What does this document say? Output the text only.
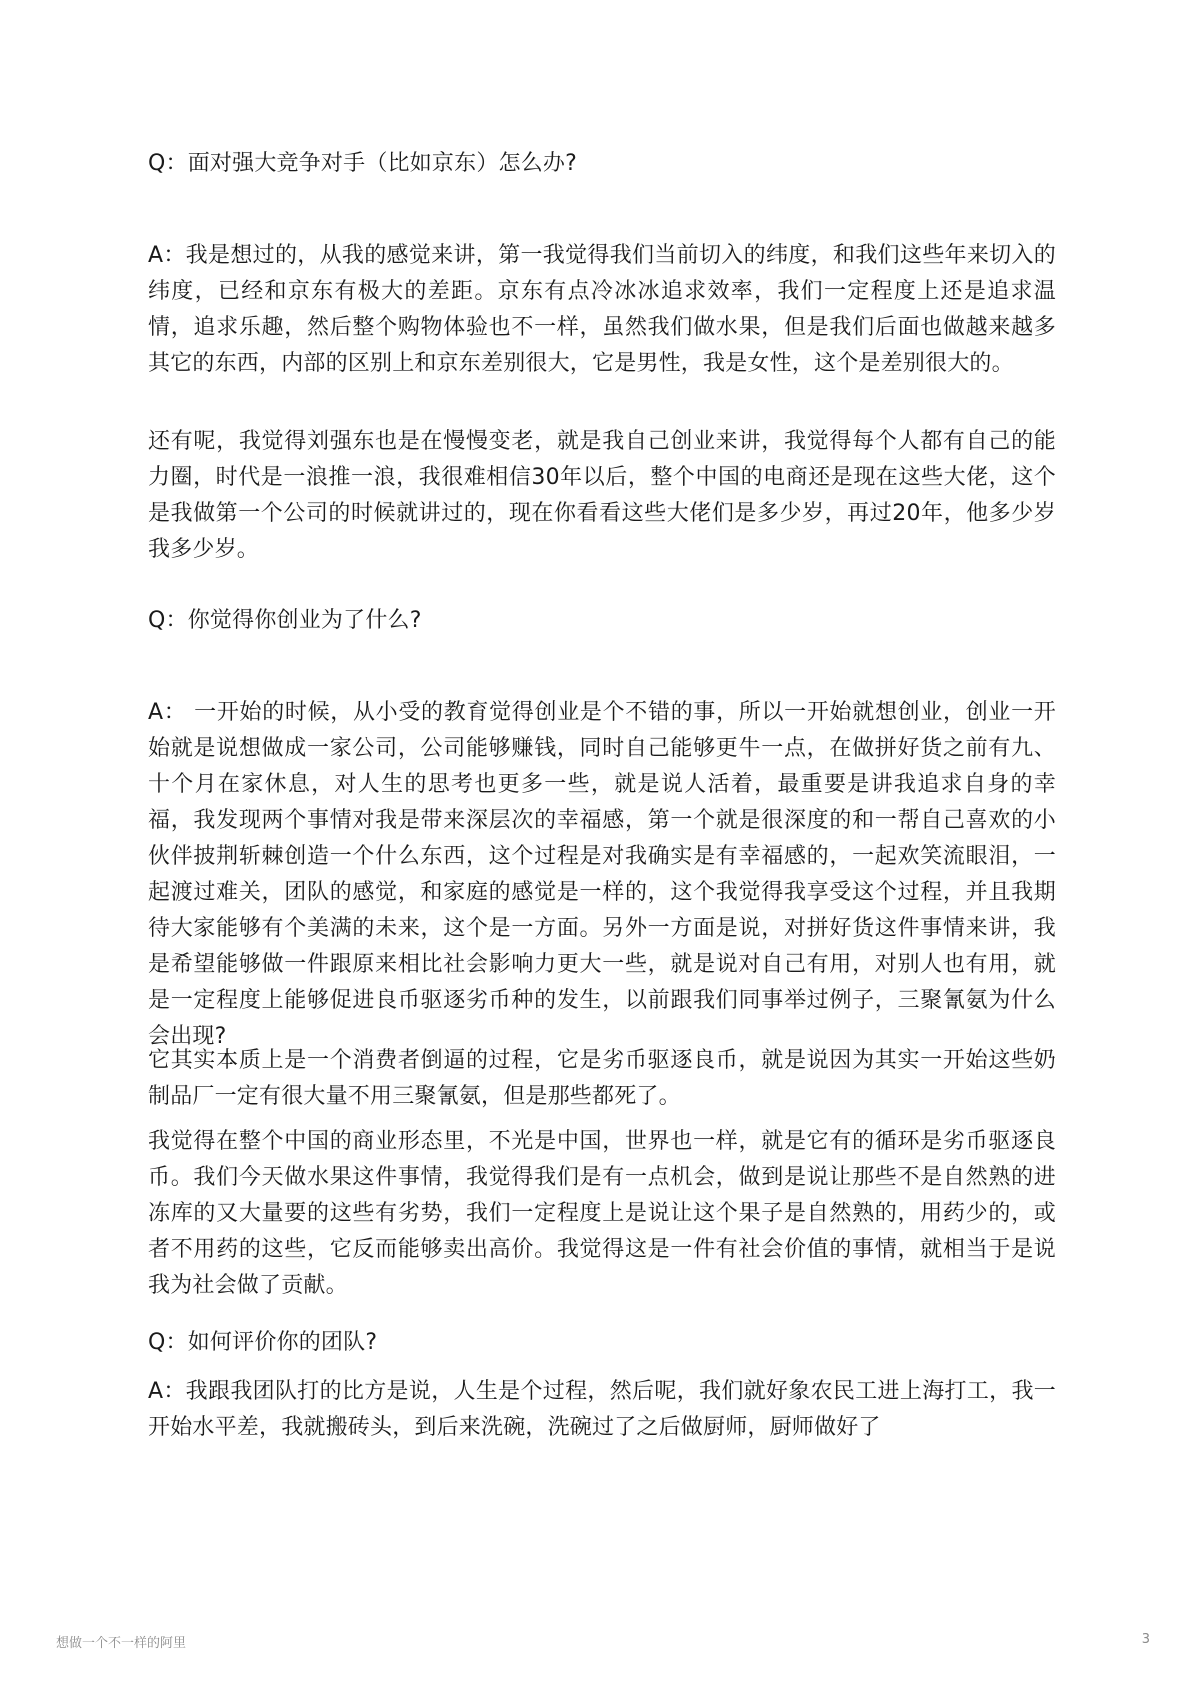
Q：面对强大竞争对手（比如京东）怎么办?

A：我是想过的，从我的感觉来讲，第一我觉得我们当前切入的纬度，和我们这些年来切入的纬度，已经和京东有极大的差距。京东有点冷冰冰追求效率，我们一定程度上还是追求温情，追求乐趣，然后整个购物体验也不一样，虽然我们做水果，但是我们后面也做越来越多其它的东西，内部的区别上和京东差别很大，它是男性，我是女性，这个是差别很大的。

还有呢，我觉得刘强东也是在慢慢变老，就是我自己创业来讲，我觉得每个人都有自己的能力圈，时代是一浪推一浪，我很难相信30年以后，整个中国的电商还是现在这些大佬，这个是我做第一个公司的时候就讲过的，现在你看看这些大佬们是多少岁，再过20年，他多少岁我多少岁。

Q：你觉得你创业为了什么?

A： 一开始的时候，从小受的教育觉得创业是个不错的事，所以一开始就想创业，创业一开始就是说想做成一家公司，公司能够赚钱，同时自己能够更牛一点，在做拼好货之前有九、十个月在家休息，对人生的思考也更多一些，就是说人活着，最重要是讲我追求自身的幸福，我发现两个事情对我是带来深层次的幸福感，第一个就是很深度的和一帮自己喜欢的小伙伴披荆斩棘创造一个什么东西，这个过程是对我确实是有幸福感的，一起欢笑流眼泪，一起渡过难关，团队的感觉，和家庭的感觉是一样的，这个我觉得我享受这个过程，并且我期待大家能够有个美满的未来，这个是一方面。另外一方面是说，对拼好货这件事情来讲，我是希望能够做一件跟原来相比社会影响力更大一些，就是说对自己有用，对别人也有用，就是一定程度上能够促进良币驱逐劣币种的发生，以前跟我们同事举过例子，三聚氰氨为什么会出现?

它其实本质上是一个消费者倒逼的过程，它是劣币驱逐良币，就是说因为其实一开始这些奶制品厂一定有很大量不用三聚氰氨，但是那些都死了。

我觉得在整个中国的商业形态里，不光是中国，世界也一样，就是它有的循环是劣币驱逐良币。我们今天做水果这件事情，我觉得我们是有一点机会，做到是说让那些不是自然熟的进冻库的又大量要的这些有劣势，我们一定程度上是说让这个果子是自然熟的，用药少的，或者不用药的这些，它反而能够卖出高价。我觉得这是一件有社会价值的事情，就相当于是说我为社会做了贡献。

Q：如何评价你的团队?

A：我跟我团队打的比方是说，人生是个过程，然后呢，我们就好象农民工进上海打工，我一开始水平差，我就搬砖头，到后来洗碗，洗碗过了之后做厨师，厨师做好了

想做一个不一样的阿里	3
